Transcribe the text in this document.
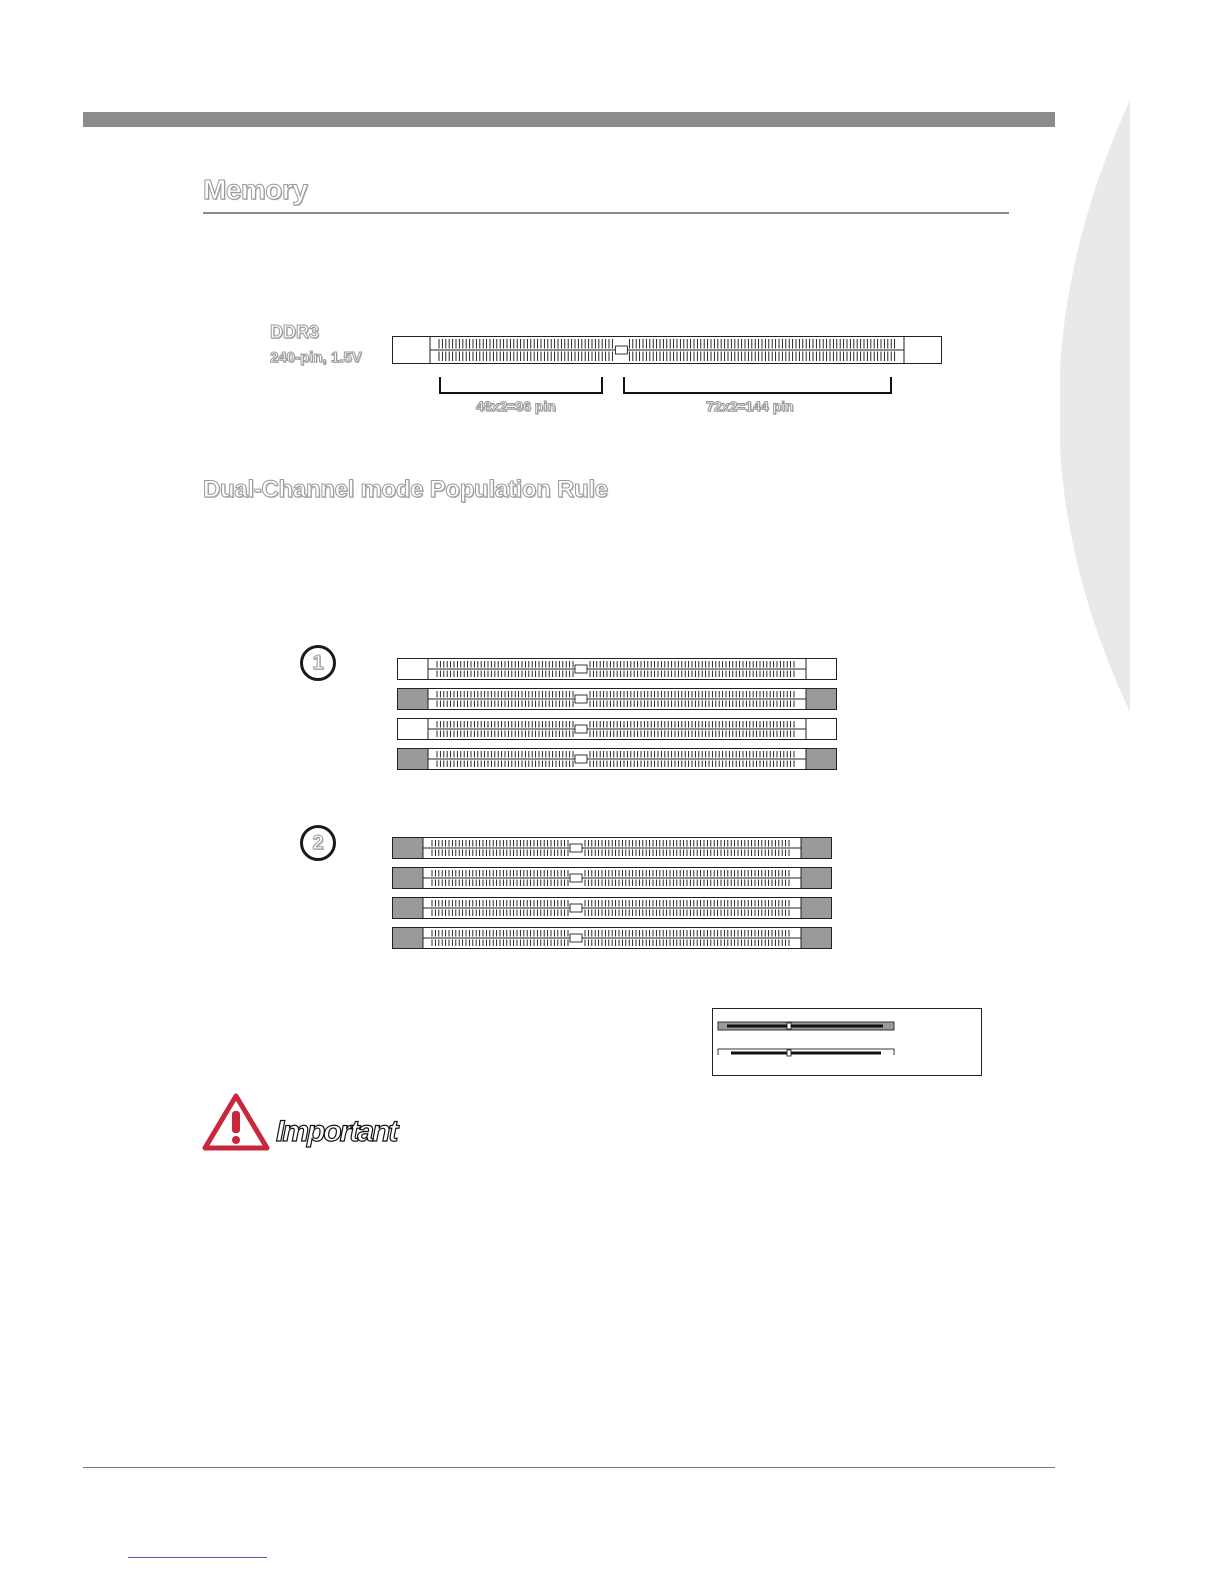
Memory
DDR3
240-pin, 1.5V
48x2=96 pin	72x2=144 pin
Dual-Channel mode Population Rule
1
2
Important
